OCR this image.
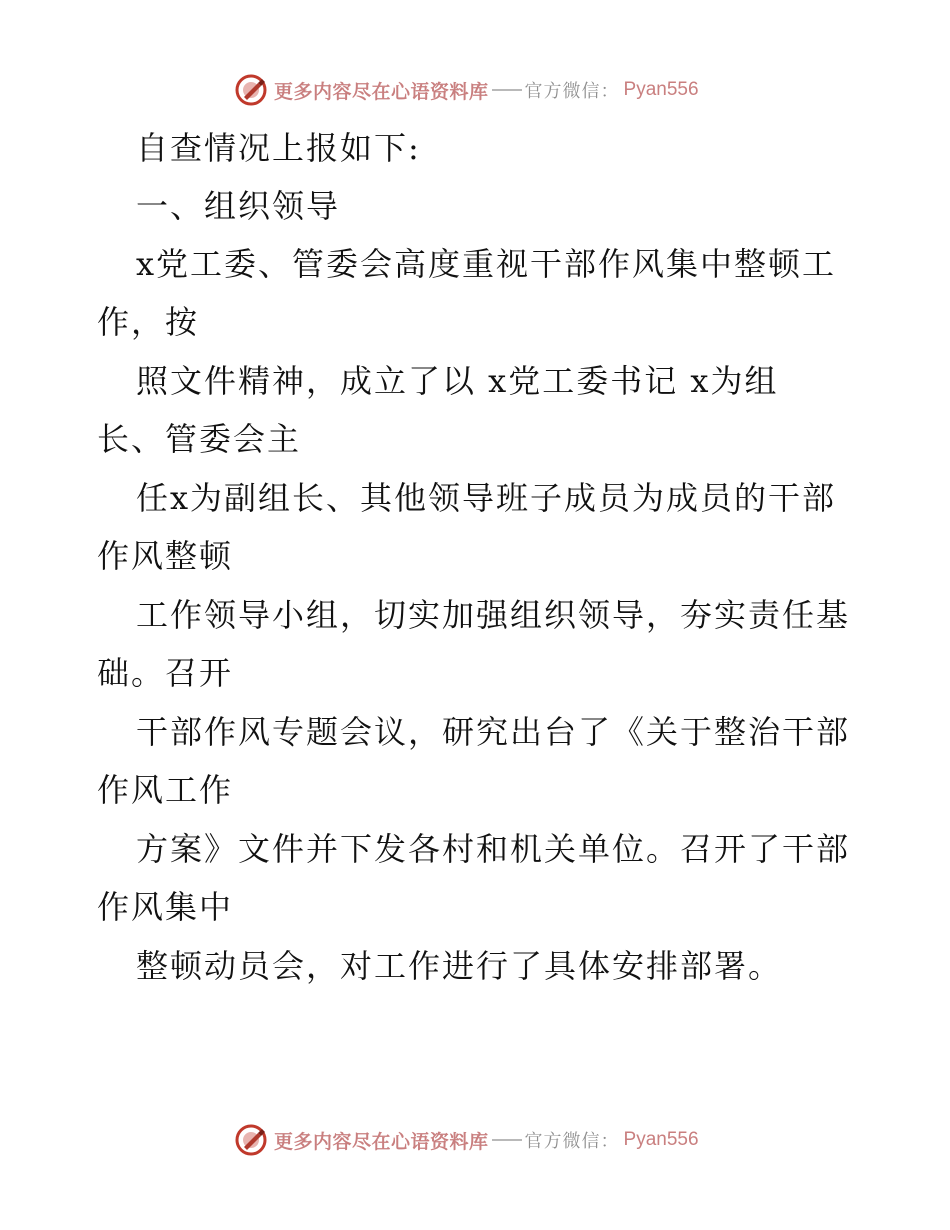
更多内容尽在心语资料库 官方微信： Pyan556
自查情况上报如下:
一、组织领导
x党工委、管委会高度重视干部作风集中整顿工
作，按
照文件精神，成立了以 x党工委书记 x为组
长、管委会主
任x为副组长、其他领导班子成员为成员的干部
作风整顿
工作领导小组，切实加强组织领导，夯实责任基
础。召开
干部作风专题会议，研究出台了《关于整治干部
作风工作
方案》文件并下发各村和机关单位。召开了干部
作风集中
整顿动员会，对工作进行了具体安排部署。
更多内容尽在心语资料库 官方微信： Pyan556
